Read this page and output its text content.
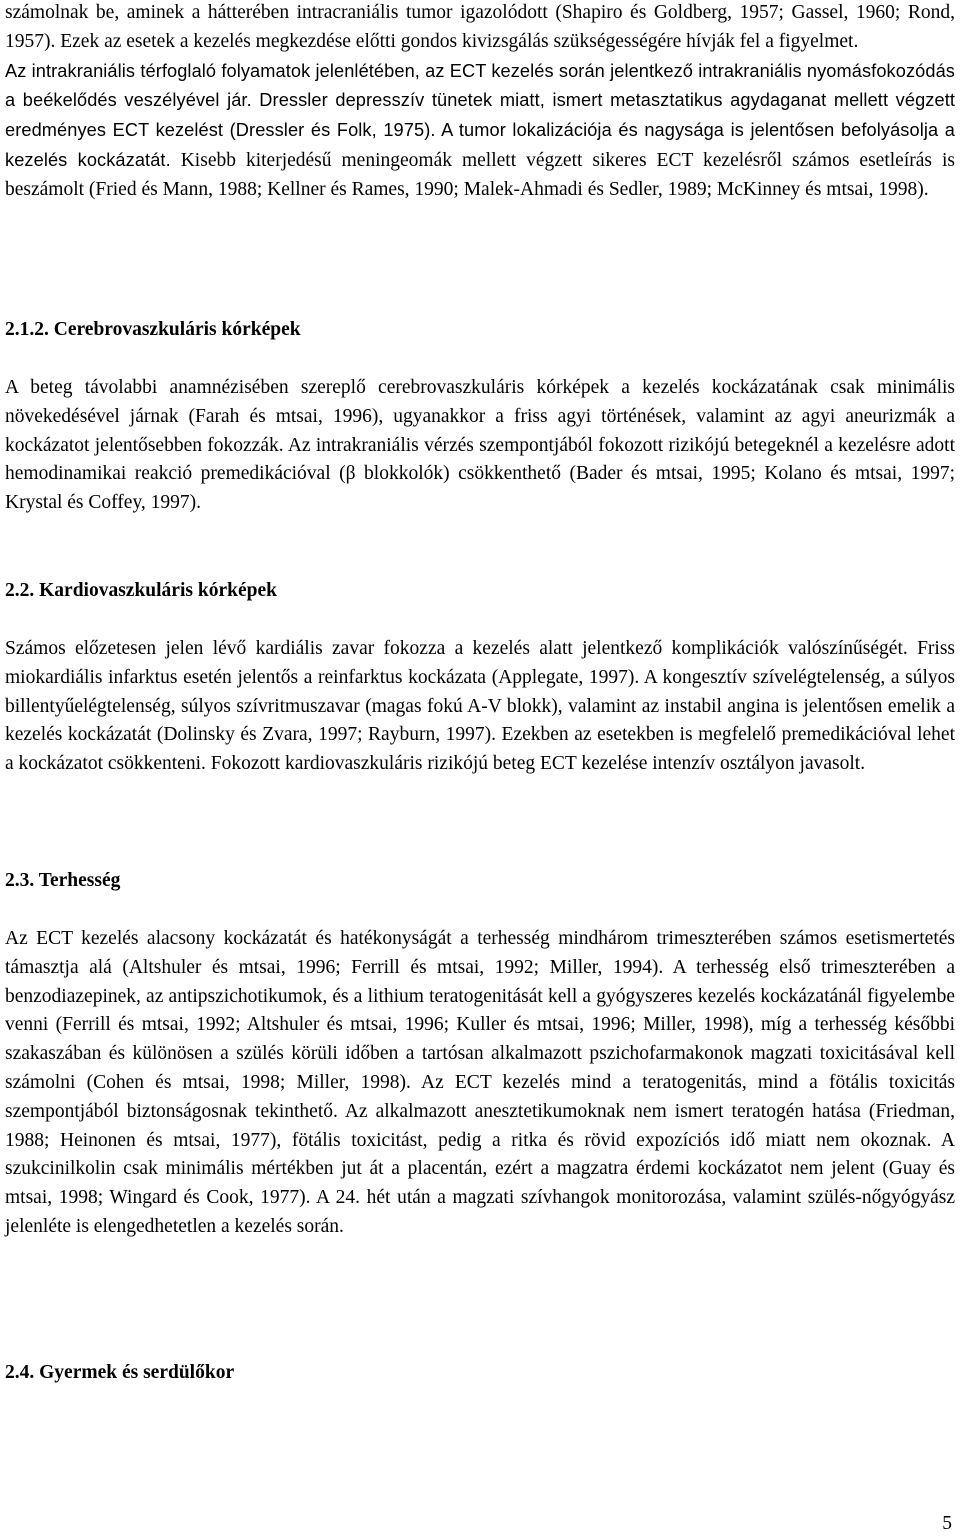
számolnak be, aminek a hátterében intracraniális tumor igazolódott (Shapiro és Goldberg, 1957; Gassel, 1960; Rond, 1957). Ezek az esetek a kezelés megkezdése előtti gondos kivizsgálás szükségességére hívják fel a figyelmet.
Az intrakraniális térfoglaló folyamatok jelenlétében, az ECT kezelés során jelentkező intrakraniális nyomásfokozódás a beékelődés veszélyével jár. Dressler depresszív tünetek miatt, ismert metasztatikus agydaganat mellett végzett eredményes ECT kezelést (Dressler és Folk, 1975). A tumor lokalizációja és nagysága is jelentősen befolyásolja a kezelés kockázatát. Kisebb kiterjedésű meningeomák mellett végzett sikeres ECT kezelésről számos esetleírás is beszámolt (Fried és Mann, 1988; Kellner és Rames, 1990; Malek-Ahmadi és Sedler, 1989; McKinney és mtsai, 1998).

2.1.2. Cerebrovaszkuláris kórképek

A beteg távolabbi anamnézisében szereplő cerebrovaszkuláris kórképek a kezelés kockázatának csak minimális növekedésével járnak (Farah és mtsai, 1996), ugyanakkor a friss agyi történések, valamint az agyi aneurizmák a kockázatot jelentősebben fokozzák. Az intrakraniális vérzés szempontjából fokozott rizikójú betegeknél a kezelésre adott hemodinamikai reakció premedikációval (β blokkolók) csökkenthető (Bader és mtsai, 1995; Kolano és mtsai, 1997; Krystal és Coffey, 1997).

2.2. Kardiovaszkuláris kórképek

Számos előzetesen jelen lévő kardiális zavar fokozza a kezelés alatt jelentkező komplikációk valószínűségét. Friss miokardiális infarktus esetén jelentős a reinfarktus kockázata (Applegate, 1997). A kongesztív szívelégtelenség, a súlyos billentyűelégtelenség, súlyos szívritmuszavar (magas fokú A-V blokk), valamint az instabil angina is jelentősen emelik a kezelés kockázatát (Dolinsky és Zvara, 1997; Rayburn, 1997). Ezekben az esetekben is megfelelő premedikációval lehet a kockázatot csökkenteni. Fokozott kardiovaszkuláris rizikójú beteg ECT kezelése intenzív osztályon javasolt.

2.3. Terhesség

Az ECT kezelés alacsony kockázatát és hatékonyságát a terhesség mindhárom trimeszterében számos esetismertetés támasztja alá (Altshuler és mtsai, 1996; Ferrill és mtsai, 1992; Miller, 1994). A terhesség első trimeszterében a benzodiazepinek, az antipszichotikumok, és a lithium teratogenitását kell a gyógyszeres kezelés kockázatánál figyelembe venni (Ferrill és mtsai, 1992; Altshuler és mtsai, 1996; Kuller és mtsai, 1996; Miller, 1998), míg a terhesség későbbi szakaszában és különösen a szülés körüli időben a tartósan alkalmazott pszichofarmakonok magzati toxicitásával kell számolni (Cohen és mtsai, 1998; Miller, 1998). Az ECT kezelés mind a teratogenitás, mind a fötális toxicitás szempontjából biztonságosnak tekinthető. Az alkalmazott anesztetikumoknak nem ismert teratogén hatása (Friedman, 1988; Heinonen és mtsai, 1977), fötális toxicitást, pedig a ritka és rövid expozíciós idő miatt nem okoznak. A szukcinilkolin csak minimális mértékben jut át a placentán, ezért a magzatra érdemi kockázatot nem jelent (Guay és mtsai, 1998; Wingard és Cook, 1977). A 24. hét után a magzati szívhangok monitorozása, valamint szülés-nőgyógyász jelenléte is elengedhetetlen a kezelés során.

2.4. Gyermek és serdülőkor
5
